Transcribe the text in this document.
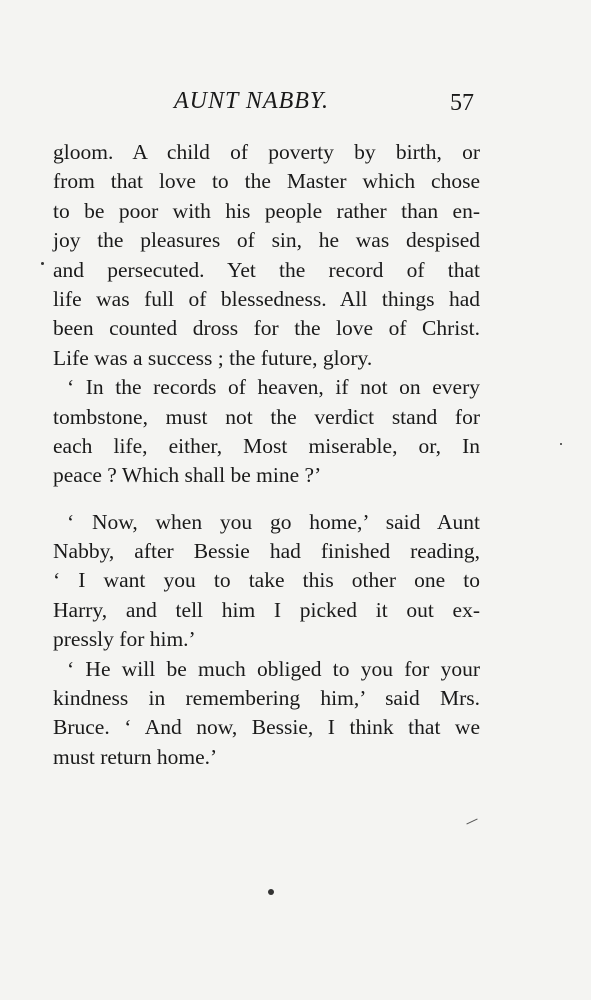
AUNT NABBY.	57
gloom. A child of poverty by birth, or
from that love to the Master which chose
to be poor with his people rather than en-
joy the pleasures of sin, he was despised
and persecuted. Yet the record of that
life was full of blessedness. All things had
been counted dross for the love of Christ.
Life was a success ; the future, glory.
‘ In the records of heaven, if not on every
tombstone, must not the verdict stand for
each life, either, Most miserable, or, In
peace ? Which shall be mine ?’
‘ Now, when you go home,’ said Aunt
Nabby, after Bessie had finished reading,
‘ I want you to take this other one to
Harry, and tell him I picked it out ex-
pressly for him.’
‘ He will be much obliged to you for your
kindness in remembering him,’ said Mrs.
Bruce. ‘ And now, Bessie, I think that we
must return home.’
